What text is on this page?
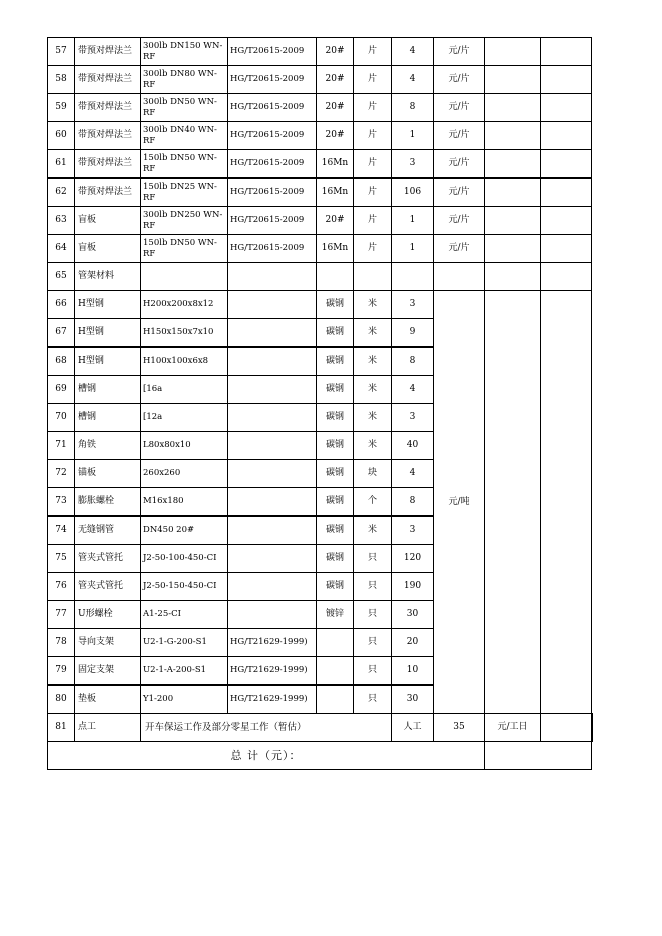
57	带预对焊法兰	300lb DN150 WN-RF	HG/T20615-2009	20#	片	4	元/片			
58	带预对焊法兰	300lb DN80 WN-RF	HG/T20615-2009	20#	片	4	元/片			
59	带预对焊法兰	300lb DN50 WN-RF	HG/T20615-2009	20#	片	8	元/片			
60	带预对焊法兰	300lb DN40 WN-RF	HG/T20615-2009	20#	片	1	元/片			
61	带预对焊法兰	150lb DN50 WN-RF	HG/T20615-2009	16Mn	片	3	元/片			
62	带预对焊法兰	150lb DN25 WN-RF	HG/T20615-2009	16Mn	片	106	元/片			
63	盲板	300lb DN250 WN-RF	HG/T20615-2009	20#	片	1	元/片			
64	盲板	150lb DN50 WN-RF	HG/T20615-2009	16Mn	片	1	元/片			
65	管架材料									
66	H型钢	H200x200x8x12		碳钢	米	3	元/吨			
67	H型钢	H150x150x7x10		碳钢	米	9				
68	H型钢	H100x100x6x8		碳钢	米	8				
69	槽钢	[16a		碳钢	米	4				
70	槽钢	[12a		碳钢	米	3				
71	角铁	L80x80x10		碳钢	米	40				
72	锚板	260x260		碳钢	块	4				
73	膨胀螺栓	M16x180		碳钢	个	8				
74	无缝钢管	DN450 20#		碳钢	米	3				
75	管夹式管托	J2-50-100-450-CI		碳钢	只	120				
76	管夹式管托	J2-50-150-450-CI		碳钢	只	190				
77	U形螺栓	A1-25-CI		镀锌	只	30				
78	导向支架	U2-1-G-200-S1	HG/T21629-1999)		只	20				
79	固定支架	U2-1-A-200-S1	HG/T21629-1999)		只	10				
80	垫板	Y1-200	HG/T21629-1999)		只	30				
81	点工	开车保运工作及部分零星工作（暂估）				人工	35	元/工日		
总 计（元）：										
